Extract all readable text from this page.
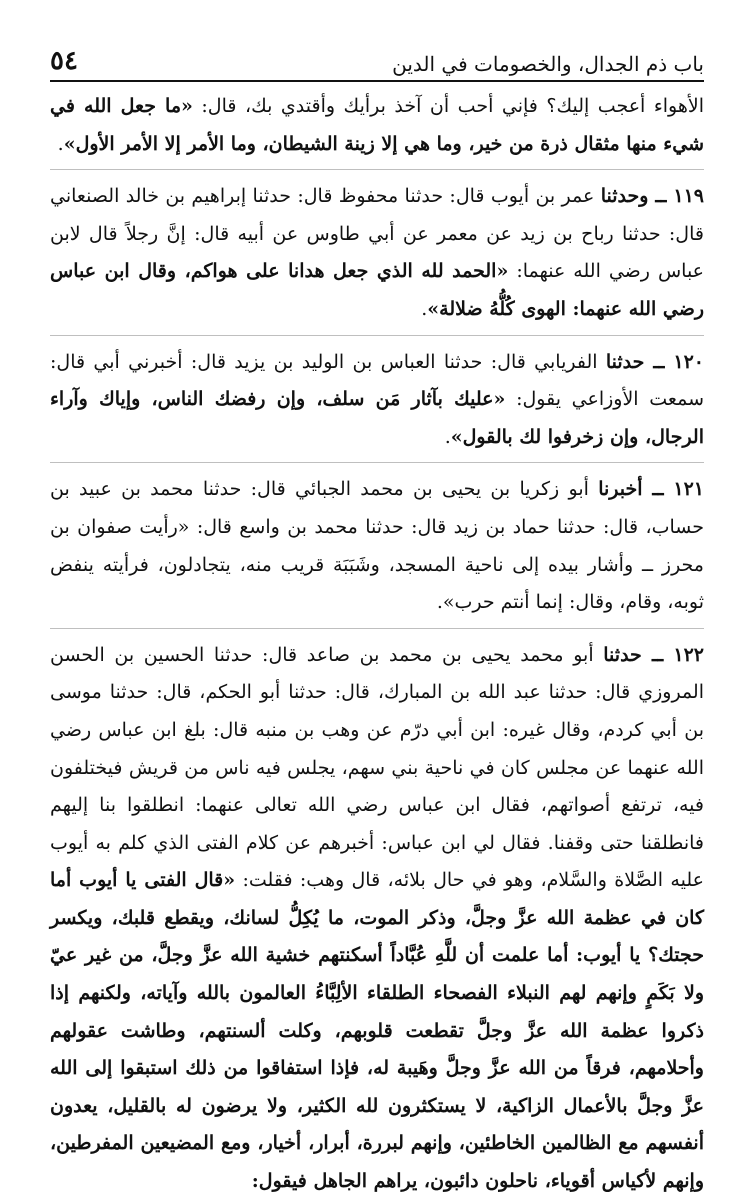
باب ذم الجدال، والخصومات في الدين
٥٤

الأهواء أعجب إليك؟ فإني أحب أن آخذ برأيك وأقتدي بك، قال: «ما جعل الله في شيء منها مثقال ذرة من خير، وما هي إلا زينة الشيطان، وما الأمر إلا الأمر الأول».

١١٩ ــ وحدثنا عمر بن أيوب قال: حدثنا محفوظ قال: حدثنا إبراهيم بن خالد الصنعاني قال: حدثنا رباح بن زيد عن معمر عن أبي طاوس عن أبيه قال: إنَّ رجلاً قال لابن عباس رضي الله عنهما: «الحمد لله الذي جعل هدانا على هواكم، وقال ابن عباس رضي الله عنهما: الهوى كُلُّهُ ضلالة».

١٢٠ ــ حدثنا الفريابي قال: حدثنا العباس بن الوليد بن يزيد قال: أخبرني أبي قال: سمعت الأوزاعي يقول: «عليك بآثار مَن سلف، وإن رفضك الناس، وإياك وآراء الرجال، وإن زخرفوا لك بالقول».

١٢١ ــ أخبرنا أبو زكريا بن يحيى بن محمد الجبائي قال: حدثنا محمد بن عبيد بن حساب، قال: حدثنا حماد بن زيد قال: حدثنا محمد بن واسع قال: «رأيت صفوان بن محرز ــ وأشار بيده إلى ناحية المسجد، وشَبَبَة قريب منه، يتجادلون، فرأيته ينفض ثوبه، وقام، وقال: إنما أنتم حرب».

١٢٢ ــ حدثنا أبو محمد يحيى بن محمد بن صاعد قال: حدثنا الحسين بن الحسن المروزي قال: حدثنا عبد الله بن المبارك، قال: حدثنا أبو الحكم، قال: حدثنا موسى بن أبي كردم، وقال غيره: ابن أبي درّم عن وهب بن منبه قال: بلغ ابن عباس رضي الله عنهما عن مجلس كان في ناحية بني سهم، يجلس فيه ناس من قريش فيختلفون فيه، ترتفع أصواتهم، فقال ابن عباس رضي الله تعالى عنهما: انطلقوا بنا إليهم فانطلقنا حتى وقفنا. فقال لي ابن عباس: أخبرهم عن كلام الفتى الذي كلم به أيوب عليه الصَّلاة والسَّلام، وهو في حال بلائه، قال وهب: فقلت: «قال الفتى يا أيوب أما كان في عظمة الله عزَّ وجلَّ، وذكر الموت، ما يُكِلُّ لسانك، ويقطع قلبك، ويكسر حجتك؟ يا أيوب: أما علمت أن للَّهِ عُبَّاداً أسكنتهم خشية الله عزَّ وجلَّ، من غير عيّ ولا بَكَمٍ وإنهم لهم النبلاء الفصحاء الطلقاء الألِبَّاءُ العالمون بالله وآياته، ولكنهم إذا ذكروا عظمة الله عزَّ وجلَّ تقطعت قلوبهم، وكلت ألسنتهم، وطاشت عقولهم وأحلامهم، فرقاً من الله عزَّ وجلَّ وهَيبة له، فإذا استفاقوا من ذلك استبقوا إلى الله عزَّ وجلَّ بالأعمال الزاكية، لا يستكثرون لله الكثير، ولا يرضون له بالقليل، يعدون أنفسهم مع الظالمين الخاطئين، وإنهم لبررة، أبرار، أخيار، ومع المضيعين المفرطين، وإنهم لأكياس أقوياء، ناحلون دائبون، يراهم الجاهل فيقول:
